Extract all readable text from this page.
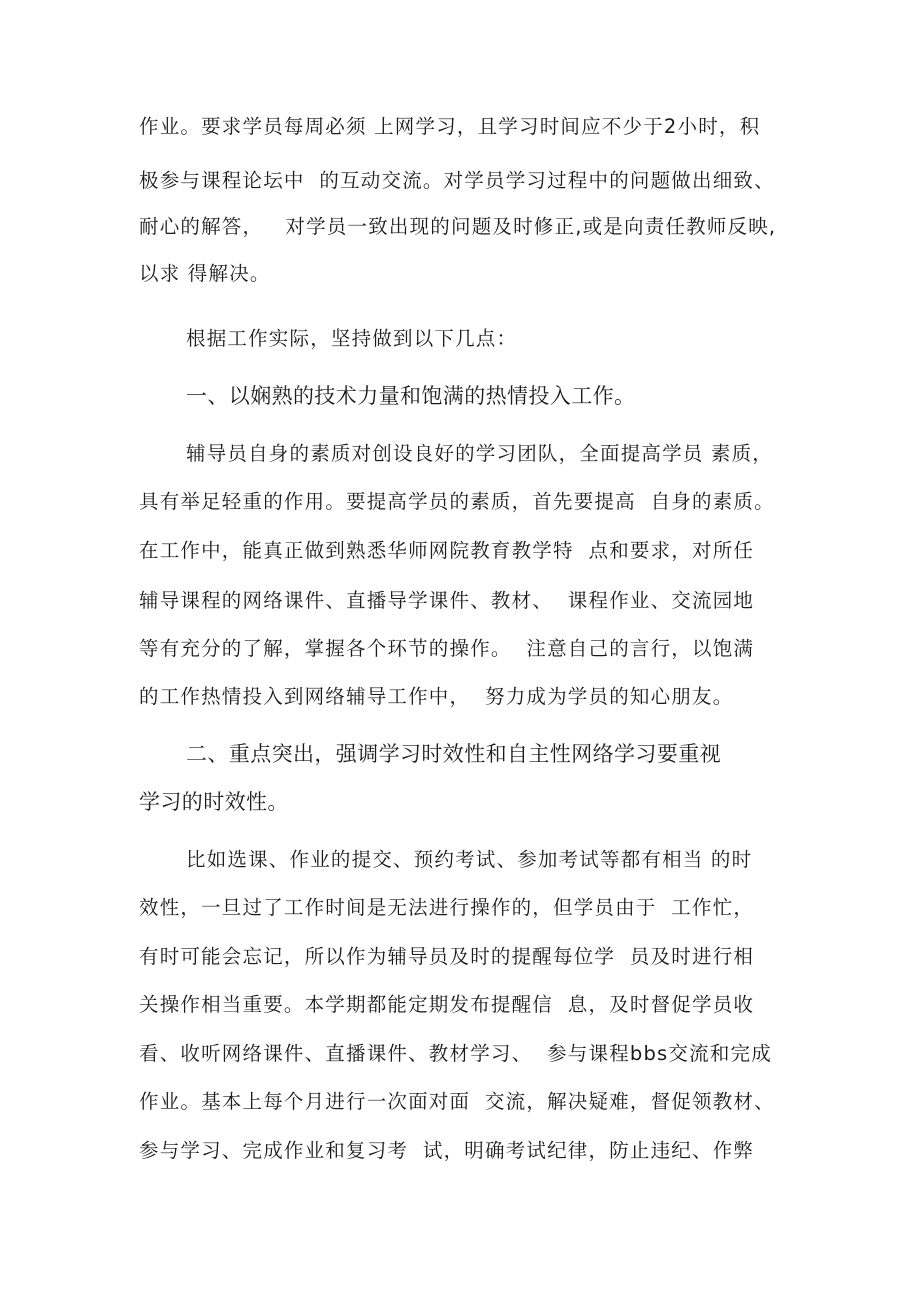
作业。要求学员每周必须 上网学习，且学习时间应不少于2小时，积
极参与课程论坛中  的互动交流。对学员学习过程中的问题做出细致、
耐心的解答，   对学员一致出现的问题及时修正,或是向责任教师反映,
以求 得解决。
根据工作实际，坚持做到以下几点：
一、以娴熟的技术力量和饱满的热情投入工作。
辅导员自身的素质对创设良好的学习团队，全面提高学员 素质，
具有举足轻重的作用。要提高学员的素质，首先要提高  自身的素质。
在工作中，能真正做到熟悉华师网院教育教学特  点和要求，对所任
辅导课程的网络课件、直播导学课件、教材、  课程作业、交流园地
等有充分的了解，掌握各个环节的操作。  注意自己的言行，以饱满
的工作热情投入到网络辅导工作中，  努力成为学员的知心朋友。
二、重点突出，强调学习时效性和自主性网络学习要重视
学习的时效性。
比如选课、作业的提交、预约考试、参加考试等都有相当 的时
效性，一旦过了工作时间是无法进行操作的，但学员由于  工作忙，
有时可能会忘记，所以作为辅导员及时的提醒每位学  员及时进行相
关操作相当重要。本学期都能定期发布提醒信  息，及时督促学员收
看、收听网络课件、直播课件、教材学习、  参与课程bbs交流和完成
作业。基本上每个月进行一次面对面  交流，解决疑难，督促领教材、
参与学习、完成作业和复习考  试，明确考试纪律，防止违纪、作弊
